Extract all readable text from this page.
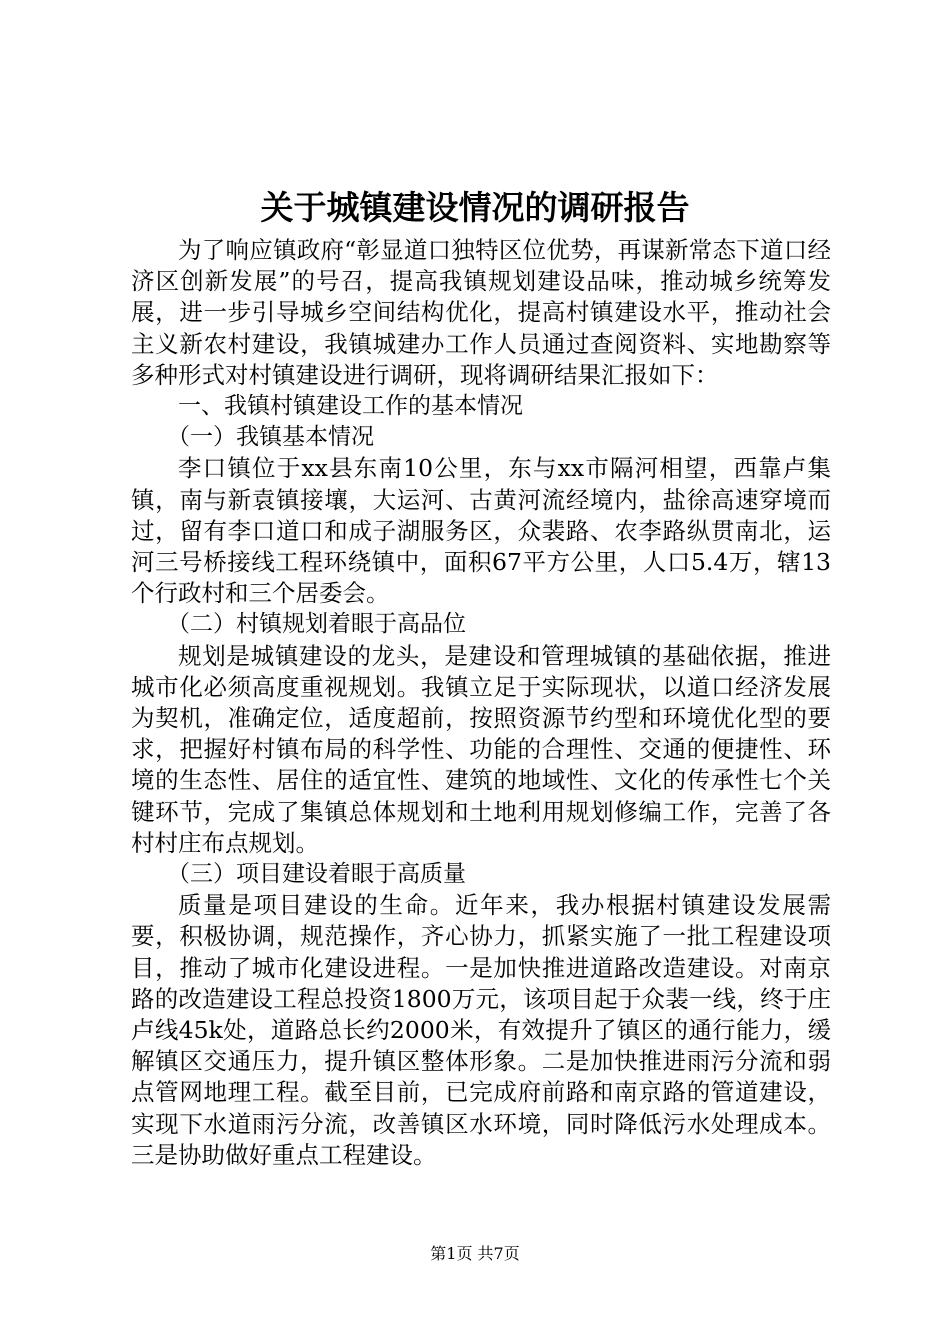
关于城镇建设情况的调研报告

为了响应镇政府“彰显道口独特区位优势，再谋新常态下道口经济区创新发展”的号召，提高我镇规划建设品味，推动城乡统筹发展，进一步引导城乡空间结构优化，提高村镇建设水平，推动社会主义新农村建设，我镇城建办工作人员通过查阅资料、实地勘察等多种形式对村镇建设进行调研，现将调研结果汇报如下：

一、我镇村镇建设工作的基本情况

（一）我镇基本情况

李口镇位于xx县东南10公里，东与xx市隔河相望，西靠卢集镇，南与新袁镇接壤，大运河、古黄河流经境内，盐徐高速穿境而过，留有李口道口和成子湖服务区，众裴路、农李路纵贯南北，运河三号桥接线工程环绕镇中，面积67平方公里，人口5.4万，辖13个行政村和三个居委会。

（二）村镇规划着眼于高品位

规划是城镇建设的龙头，是建设和管理城镇的基础依据，推进城市化必须高度重视规划。我镇立足于实际现状，以道口经济发展为契机，准确定位，适度超前，按照资源节约型和环境优化型的要求，把握好村镇布局的科学性、功能的合理性、交通的便捷性、环境的生态性、居住的适宜性、建筑的地域性、文化的传承性七个关键环节，完成了集镇总体规划和土地利用规划修编工作，完善了各村村庄布点规划。

（三）项目建设着眼于高质量

质量是项目建设的生命。近年来，我办根据村镇建设发展需要，积极协调，规范操作，齐心协力，抓紧实施了一批工程建设项目，推动了城市化建设进程。一是加快推进道路改造建设。对南京路的改造建设工程总投资1800万元，该项目起于众裴一线，终于庄卢线45k处，道路总长约2000米，有效提升了镇区的通行能力，缓解镇区交通压力，提升镇区整体形象。二是加快推进雨污分流和弱点管网地理工程。截至目前，已完成府前路和南京路的管道建设，实现下水道雨污分流，改善镇区水环境，同时降低污水处理成本。三是协助做好重点工程建设。

第1页 共7页
